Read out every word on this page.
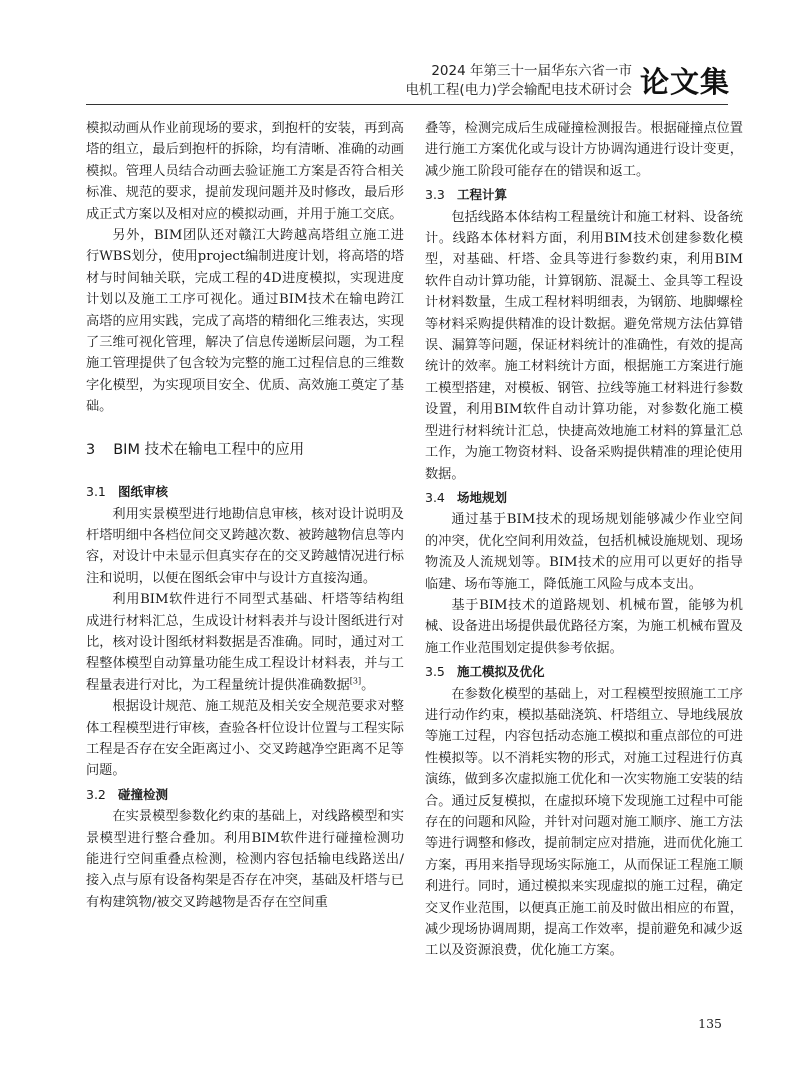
2024 年第三十一届华东六省一市
电机工程(电力)学会输配电技术研讨会 论文集

模拟动画从作业前现场的要求，到抱杆的安装，再到高塔的组立，最后到抱杆的拆除，均有清晰、准确的动画模拟。管理人员结合动画去验证施工方案是否符合相关标准、规范的要求，提前发现问题并及时修改，最后形成正式方案以及相对应的模拟动画，并用于施工交底。

另外，BIM团队还对赣江大跨越高塔组立施工进行WBS划分，使用project编制进度计划，将高塔的塔材与时间轴关联，完成工程的4D进度模拟，实现进度计划以及施工工序可视化。通过BIM技术在输电跨江高塔的应用实践，完成了高塔的精细化三维表达，实现了三维可视化管理，解决了信息传递断层问题，为工程施工管理提供了包含较为完整的施工过程信息的三维数字化模型，为实现项目安全、优质、高效施工奠定了基础。

3 BIM 技术在输电工程中的应用
3.1 图纸审核

利用实景模型进行地勘信息审核，核对设计说明及杆塔明细中各档位间交叉跨越次数、被跨越物信息等内容，对设计中未显示但真实存在的交叉跨越情况进行标注和说明，以便在图纸会审中与设计方直接沟通。

利用BIM软件进行不同型式基础、杆塔等结构组成进行材料汇总，生成设计材料表并与设计图纸进行对比，核对设计图纸材料数据是否准确。同时，通过对工程整体模型自动算量功能生成工程设计材料表，并与工程量表进行对比，为工程量统计提供准确数据[3]。

根据设计规范、施工规范及相关安全规范要求对整体工程模型进行审核，查验各杆位设计位置与工程实际工程是否存在安全距离过小、交叉跨越净空距离不足等问题。

3.2 碰撞检测

在实景模型参数化约束的基础上，对线路模型和实景模型进行整合叠加。利用BIM软件进行碰撞检测功能进行空间重叠点检测，检测内容包括输电线路送出/接入点与原有设备构架是否存在冲突，基础及杆塔与已有构建筑物/被交叉跨越物是否存在空间重

叠等，检测完成后生成碰撞检测报告。根据碰撞点位置进行施工方案优化或与设计方协调沟通进行设计变更，减少施工阶段可能存在的错误和返工。

3.3 工程计算

包括线路本体结构工程量统计和施工材料、设备统计。线路本体材料方面，利用BIM技术创建参数化模型，对基础、杆塔、金具等进行参数约束，利用BIM软件自动计算功能，计算钢筋、混凝土、金具等工程设计材料数量，生成工程材料明细表，为钢筋、地脚螺栓等材料采购提供精准的设计数据。避免常规方法估算错误、漏算等问题，保证材料统计的准确性，有效的提高统计的效率。施工材料统计方面，根据施工方案进行施工模型搭建，对模板、钢管、拉线等施工材料进行参数设置，利用BIM软件自动计算功能，对参数化施工模型进行材料统计汇总，快捷高效地施工材料的算量汇总工作，为施工物资材料、设备采购提供精准的理论使用数据。

3.4 场地规划

通过基于BIM技术的现场规划能够减少作业空间的冲突，优化空间利用效益，包括机械设施规划、现场物流及人流规划等。BIM技术的应用可以更好的指导临建、场布等施工，降低施工风险与成本支出。

基于BIM技术的道路规划、机械布置，能够为机械、设备进出场提供最优路径方案，为施工机械布置及施工作业范围划定提供参考依据。

3.5 施工模拟及优化

在参数化模型的基础上，对工程模型按照施工工序进行动作约束，模拟基础浇筑、杆塔组立、导地线展放等施工过程，内容包括动态施工模拟和重点部位的可进性模拟等。以不消耗实物的形式，对施工过程进行仿真演练，做到多次虚拟施工优化和一次实物施工安装的结合。通过反复模拟，在虚拟环境下发现施工过程中可能存在的问题和风险，并针对问题对施工顺序、施工方法等进行调整和修改，提前制定应对措施，进而优化施工方案，再用来指导现场实际施工，从而保证工程施工顺利进行。同时，通过模拟来实现虚拟的施工过程，确定交叉作业范围，以便真正施工前及时做出相应的布置，减少现场协调周期，提高工作效率，提前避免和减少返工以及资源浪费，优化施工方案。

135
